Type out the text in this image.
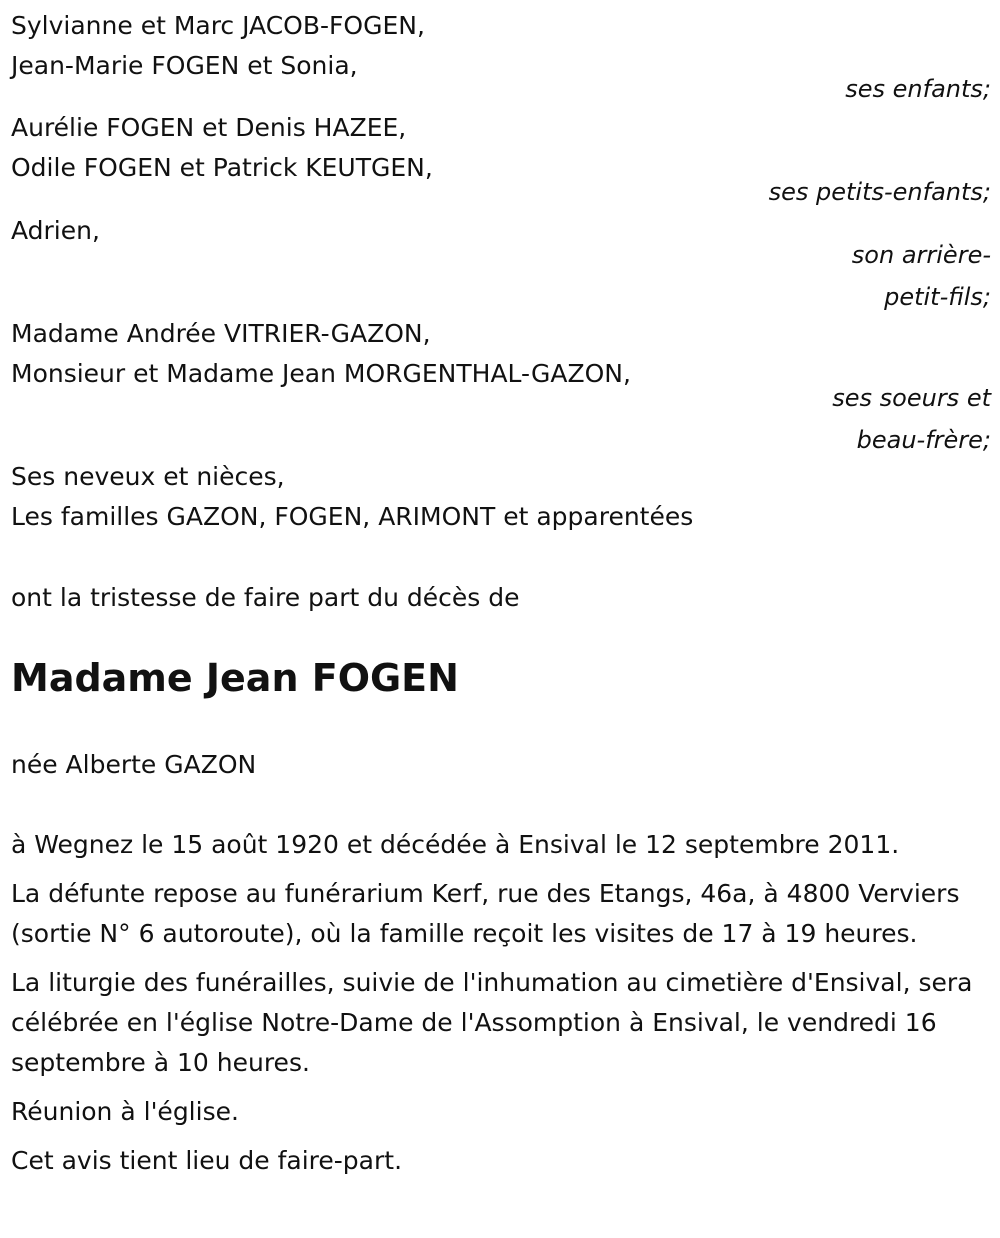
Sylvianne et Marc JACOB-FOGEN,

Jean-Marie FOGEN et Sonia,

ses enfants;

Aurélie FOGEN et Denis HAZEE,

Odile FOGEN et Patrick KEUTGEN,

ses petits-enfants;

Adrien,

son arrière-

petit-fils;

Madame Andrée VITRIER-GAZON,

Monsieur et Madame Jean MORGENTHAL-GAZON,

ses soeurs et

beau-frère;

Ses neveux et nièces,

Les familles GAZON, FOGEN, ARIMONT et apparentées

ont la tristesse de faire part du décès de

Madame Jean FOGEN

née Alberte GAZON

à Wegnez le 15 août 1920 et décédée à Ensival le 12 septembre 2011.

La défunte repose au funérarium Kerf, rue des Etangs, 46a, à 4800 Verviers (sortie N° 6 autoroute), où la famille reçoit les visites de 17 à 19 heures.

La liturgie des funérailles, suivie de l'inhumation au cimetière d'Ensival, sera célébrée en l'église Notre-Dame de l'Assomption à Ensival, le vendredi 16 septembre à 10 heures.

Réunion à l'église.

Cet avis tient lieu de faire-part.
